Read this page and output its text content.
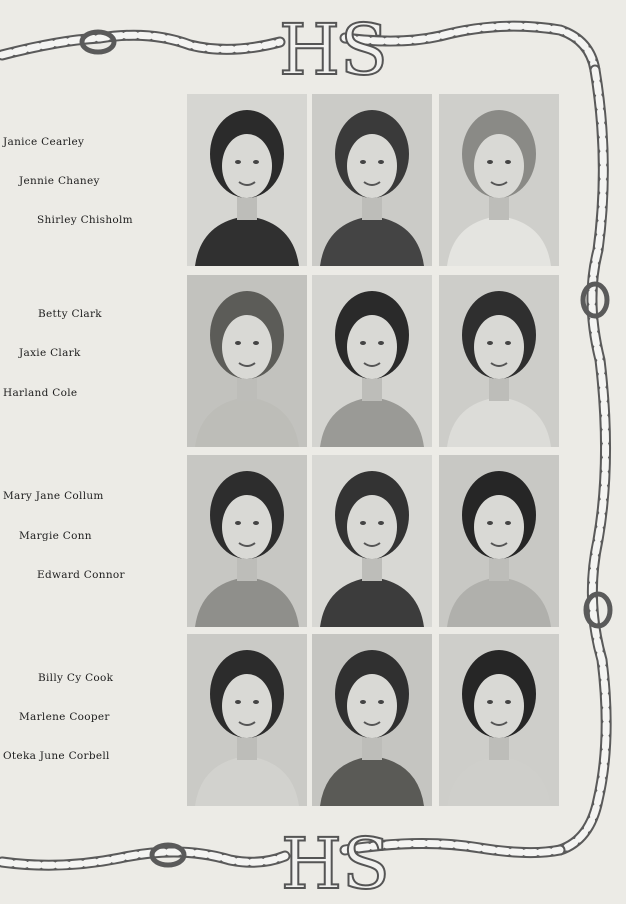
HS
HS
Janice Cearley
Jennie Chaney
Shirley Chisholm
Betty Clark
Jaxie Clark
Harland Cole
Mary Jane Collum
Margie Conn
Edward Connor
Billy Cy Cook
Marlene Cooper
Oteka June Corbell
